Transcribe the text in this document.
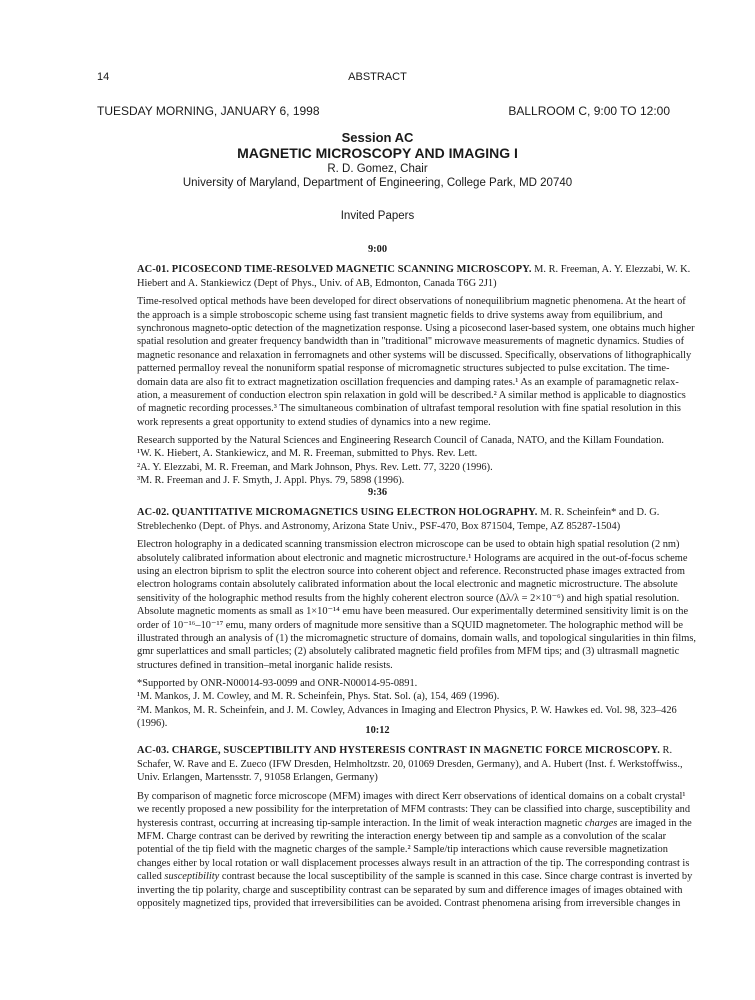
14	ABSTRACT
TUESDAY MORNING, JANUARY 6, 1998	BALLROOM C, 9:00 TO 12:00
Session AC
MAGNETIC MICROSCOPY AND IMAGING I
R. D. Gomez, Chair
University of Maryland, Department of Engineering, College Park, MD 20740
Invited Papers
9:00
AC-01. PICOSECOND TIME-RESOLVED MAGNETIC SCANNING MICROSCOPY. M. R. Freeman, A. Y. Elezzabi, W. K.
Hiebert and A. Stankiewicz (Dept of Phys., Univ. of AB, Edmonton, Canada T6G 2J1)
Time-resolved optical methods have been developed for direct observations of nonequilibrium magnetic phenomena. At the heart of
the approach is a simple stroboscopic scheme using fast transient magnetic fields to drive systems away from equilibrium, and
synchronous magneto-optic detection of the magnetization response. Using a picosecond laser-based system, one obtains much higher
spatial resolution and greater frequency bandwidth than in ''traditional'' microwave measurements of magnetic dynamics. Studies of
magnetic resonance and relaxation in ferromagnets and other systems will be discussed. Specifically, observations of lithographically
patterned permalloy reveal the nonuniform spatial response of micromagnetic structures subjected to pulse excitation. The time-
domain data are also fit to extract magnetization oscillation frequencies and damping rates.¹ As an example of paramagnetic relax-
ation, a measurement of conduction electron spin relaxation in gold will be described.² A similar method is applicable to diagnostics
of magnetic recording processes.³ The simultaneous combination of ultrafast temporal resolution with fine spatial resolution in this
work represents a great opportunity to extend studies of dynamics into a new regime.
Research supported by the Natural Sciences and Engineering Research Council of Canada, NATO, and the Killam Foundation.
¹W. K. Hiebert, A. Stankiewicz, and M. R. Freeman, submitted to Phys. Rev. Lett.
²A. Y. Elezzabi, M. R. Freeman, and Mark Johnson, Phys. Rev. Lett. 77, 3220 (1996).
³M. R. Freeman and J. F. Smyth, J. Appl. Phys. 79, 5898 (1996).
9:36
AC-02. QUANTITATIVE MICROMAGNETICS USING ELECTRON HOLOGRAPHY. M. R. Scheinfein* and D. G.
Streblechenko (Dept. of Phys. and Astronomy, Arizona State Univ., PSF-470, Box 871504, Tempe, AZ 85287-1504)
Electron holography in a dedicated scanning transmission electron microscope can be used to obtain high spatial resolution (2 nm)
absolutely calibrated information about electronic and magnetic microstructure.¹ Holograms are acquired in the out-of-focus scheme
using an electron biprism to split the electron source into coherent object and reference. Reconstructed phase images extracted from
electron holograms contain absolutely calibrated information about the local electronic and magnetic microstructure. The absolute
sensitivity of the holographic method results from the highly coherent electron source (Δλ/λ = 2×10⁻⁶) and high spatial resolution.
Absolute magnetic moments as small as 1×10⁻¹⁴ emu have been measured. Our experimentally determined sensitivity limit is on the
order of 10⁻¹⁶–10⁻¹⁷ emu, many orders of magnitude more sensitive than a SQUID magnetometer. The holographic method will be
illustrated through an analysis of (1) the micromagnetic structure of domains, domain walls, and topological singularities in thin films,
gmr superlattices and small particles; (2) absolutely calibrated magnetic field profiles from MFM tips; and (3) ultrasmall magnetic
structures defined in transition–metal inorganic halide resists.
*Supported by ONR-N00014-93-0099 and ONR-N00014-95-0891.
¹M. Mankos, J. M. Cowley, and M. R. Scheinfein, Phys. Stat. Sol. (a), 154, 469 (1996).
²M. Mankos, M. R. Scheinfein, and J. M. Cowley, Advances in Imaging and Electron Physics, P. W. Hawkes ed. Vol. 98, 323–426
(1996).
10:12
AC-03. CHARGE, SUSCEPTIBILITY AND HYSTERESIS CONTRAST IN MAGNETIC FORCE MICROSCOPY. R.
Schafer, W. Rave and E. Zueco (IFW Dresden, Helmholtzstr. 20, 01069 Dresden, Germany), and A. Hubert (Inst. f. Werkstoffwiss.,
Univ. Erlangen, Martensstr. 7, 91058 Erlangen, Germany)
By comparison of magnetic force microscope (MFM) images with direct Kerr observations of identical domains on a cobalt crystal¹
we recently proposed a new possibility for the interpretation of MFM contrasts: They can be classified into charge, susceptibility and
hysteresis contrast, occurring at increasing tip-sample interaction. In the limit of weak interaction magnetic charges are imaged in the
MFM. Charge contrast can be derived by rewriting the interaction energy between tip and sample as a convolution of the scalar
potential of the tip field with the magnetic charges of the sample.² Sample/tip interactions which cause reversible magnetization
changes either by local rotation or wall displacement processes always result in an attraction of the tip. The corresponding contrast is
called susceptibility contrast because the local susceptibility of the sample is scanned in this case. Since charge contrast is inverted by
inverting the tip polarity, charge and susceptibility contrast can be separated by sum and difference images of images obtained with
oppositely magnetized tips, provided that irreversibilities can be avoided. Contrast phenomena arising from irreversible changes in
